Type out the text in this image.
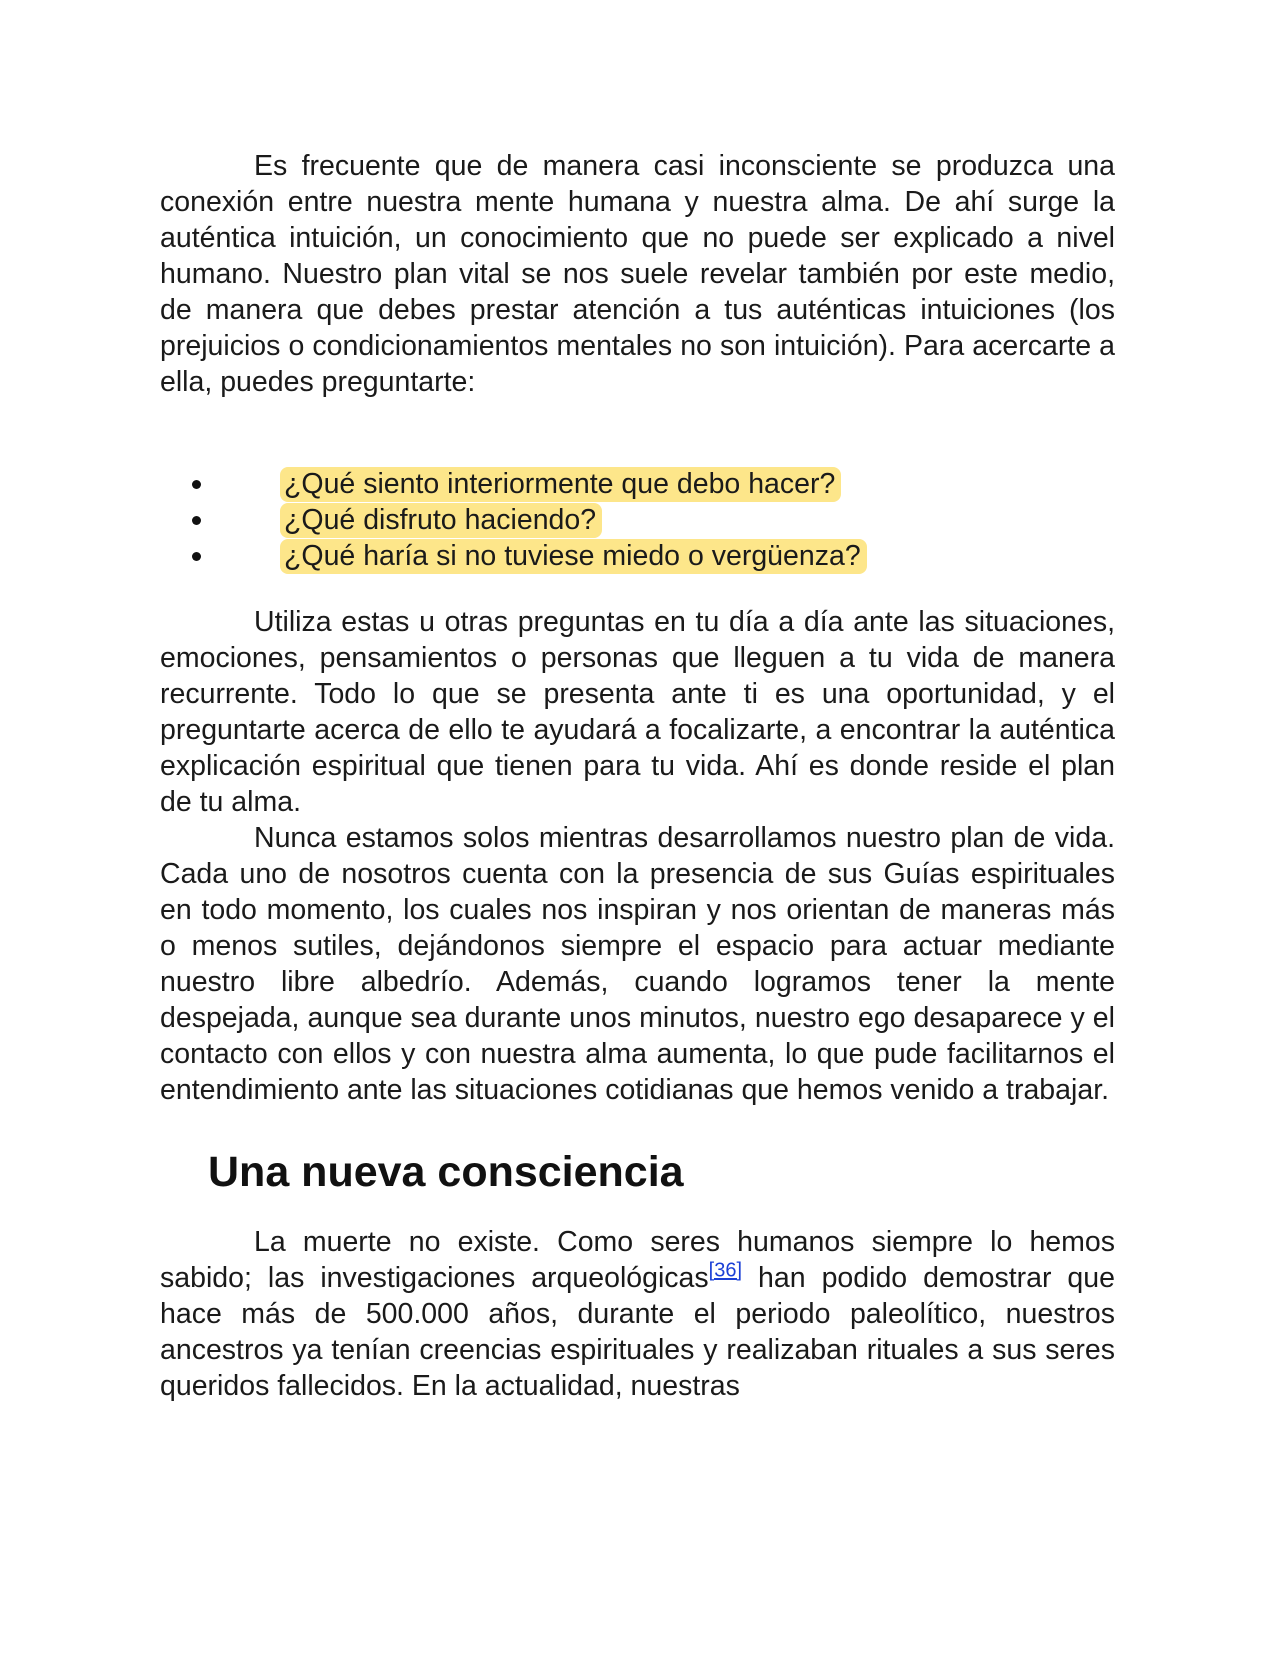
Es frecuente que de manera casi inconsciente se produzca una conexión entre nuestra mente humana y nuestra alma. De ahí surge la auténtica intuición, un conocimiento que no puede ser explicado a nivel humano. Nuestro plan vital se nos suele revelar también por este medio, de manera que debes prestar atención a tus auténticas intuiciones (los prejuicios o condicionamientos mentales no son intuición). Para acercarte a ella, puedes preguntarte:

¿Qué siento interiormente que debo hacer?
¿Qué disfruto haciendo?
¿Qué haría si no tuviese miedo o vergüenza?

Utiliza estas u otras preguntas en tu día a día ante las situaciones, emociones, pensamientos o personas que lleguen a tu vida de manera recurrente. Todo lo que se presenta ante ti es una oportunidad, y el preguntarte acerca de ello te ayudará a focalizarte, a encontrar la auténtica explicación espiritual que tienen para tu vida. Ahí es donde reside el plan de tu alma.

Nunca estamos solos mientras desarrollamos nuestro plan de vida. Cada uno de nosotros cuenta con la presencia de sus Guías espirituales en todo momento, los cuales nos inspiran y nos orientan de maneras más o menos sutiles, dejándonos siempre el espacio para actuar mediante nuestro libre albedrío. Además, cuando logramos tener la mente despejada, aunque sea durante unos minutos, nuestro ego desaparece y el contacto con ellos y con nuestra alma aumenta, lo que pude facilitarnos el entendimiento ante las situaciones cotidianas que hemos venido a trabajar.

Una nueva consciencia

La muerte no existe. Como seres humanos siempre lo hemos sabido; las investigaciones arqueológicas[36] han podido demostrar que hace más de 500.000 años, durante el periodo paleolítico, nuestros ancestros ya tenían creencias espirituales y realizaban rituales a sus seres queridos fallecidos. En la actualidad, nuestras
